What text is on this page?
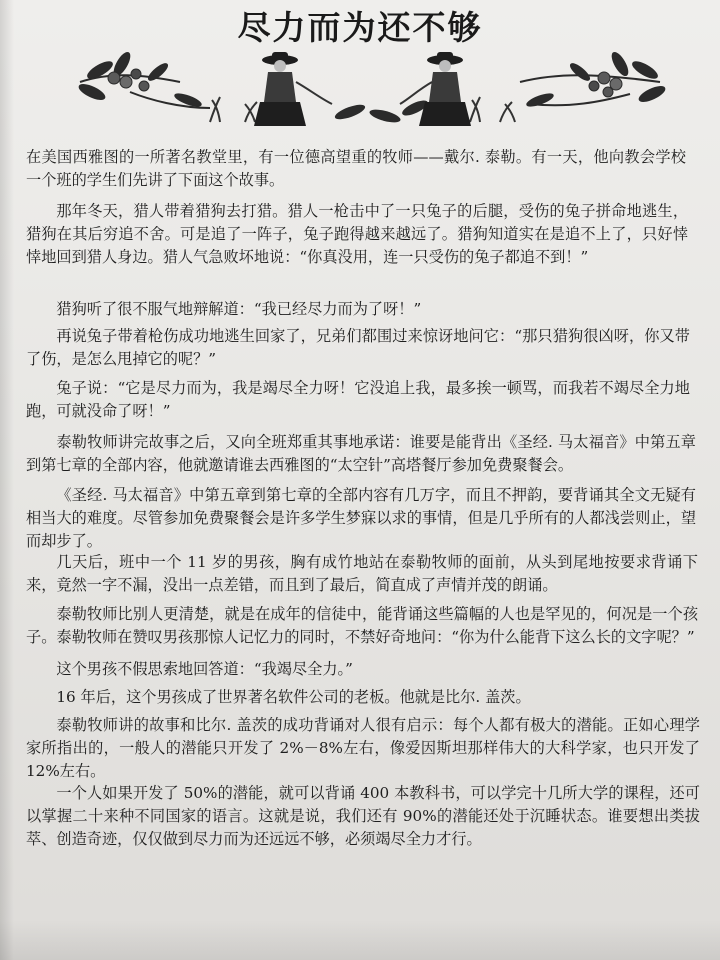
尽力而为还不够

在美国西雅图的一所著名教堂里，有一位德高望重的牧师——戴尔. 泰勒。有一天，他向教会学校一个班的学生们先讲了下面这个故事。

那年冬天，猎人带着猎狗去打猎。猎人一枪击中了一只兔子的后腿，受伤的兔子拼命地逃生，猎狗在其后穷追不舍。可是追了一阵子，兔子跑得越来越远了。猎狗知道实在是追不上了，只好悻悻地回到猎人身边。猎人气急败坏地说：“你真没用，连一只受伤的兔子都追不到！”

猎狗听了很不服气地辩解道：“我已经尽力而为了呀！”

再说兔子带着枪伤成功地逃生回家了，兄弟们都围过来惊讶地问它：“那只猎狗很凶呀，你又带了伤，是怎么甩掉它的呢？”

兔子说：“它是尽力而为，我是竭尽全力呀！它没追上我，最多挨一顿骂，而我若不竭尽全力地跑，可就没命了呀！”

泰勒牧师讲完故事之后，又向全班郑重其事地承诺：谁要是能背出《圣经. 马太福音》中第五章到第七章的全部内容，他就邀请谁去西雅图的“太空针”高塔餐厅参加免费聚餐会。

《圣经. 马太福音》中第五章到第七章的全部内容有几万字，而且不押韵，要背诵其全文无疑有相当大的难度。尽管参加免费聚餐会是许多学生梦寐以求的事情，但是几乎所有的人都浅尝则止，望而却步了。

几天后，班中一个 11 岁的男孩，胸有成竹地站在泰勒牧师的面前，从头到尾地按要求背诵下来，竟然一字不漏，没出一点差错，而且到了最后，简直成了声情并茂的朗诵。

泰勒牧师比别人更清楚，就是在成年的信徒中，能背诵这些篇幅的人也是罕见的，何况是一个孩子。泰勒牧师在赞叹男孩那惊人记忆力的同时，不禁好奇地问：“你为什么能背下这么长的文字呢？”

这个男孩不假思索地回答道：“我竭尽全力。”

16 年后，这个男孩成了世界著名软件公司的老板。他就是比尔. 盖茨。

泰勒牧师讲的故事和比尔. 盖茨的成功背诵对人很有启示：每个人都有极大的潜能。正如心理学家所指出的，一般人的潜能只开发了 2%－8%左右，像爱因斯坦那样伟大的大科学家，也只开发了 12%左右。

一个人如果开发了 50%的潜能，就可以背诵 400 本教科书，可以学完十几所大学的课程，还可以掌握二十来种不同国家的语言。这就是说，我们还有 90%的潜能还处于沉睡状态。谁要想出类拔萃、创造奇迹，仅仅做到尽力而为还远远不够，必须竭尽全力才行。
